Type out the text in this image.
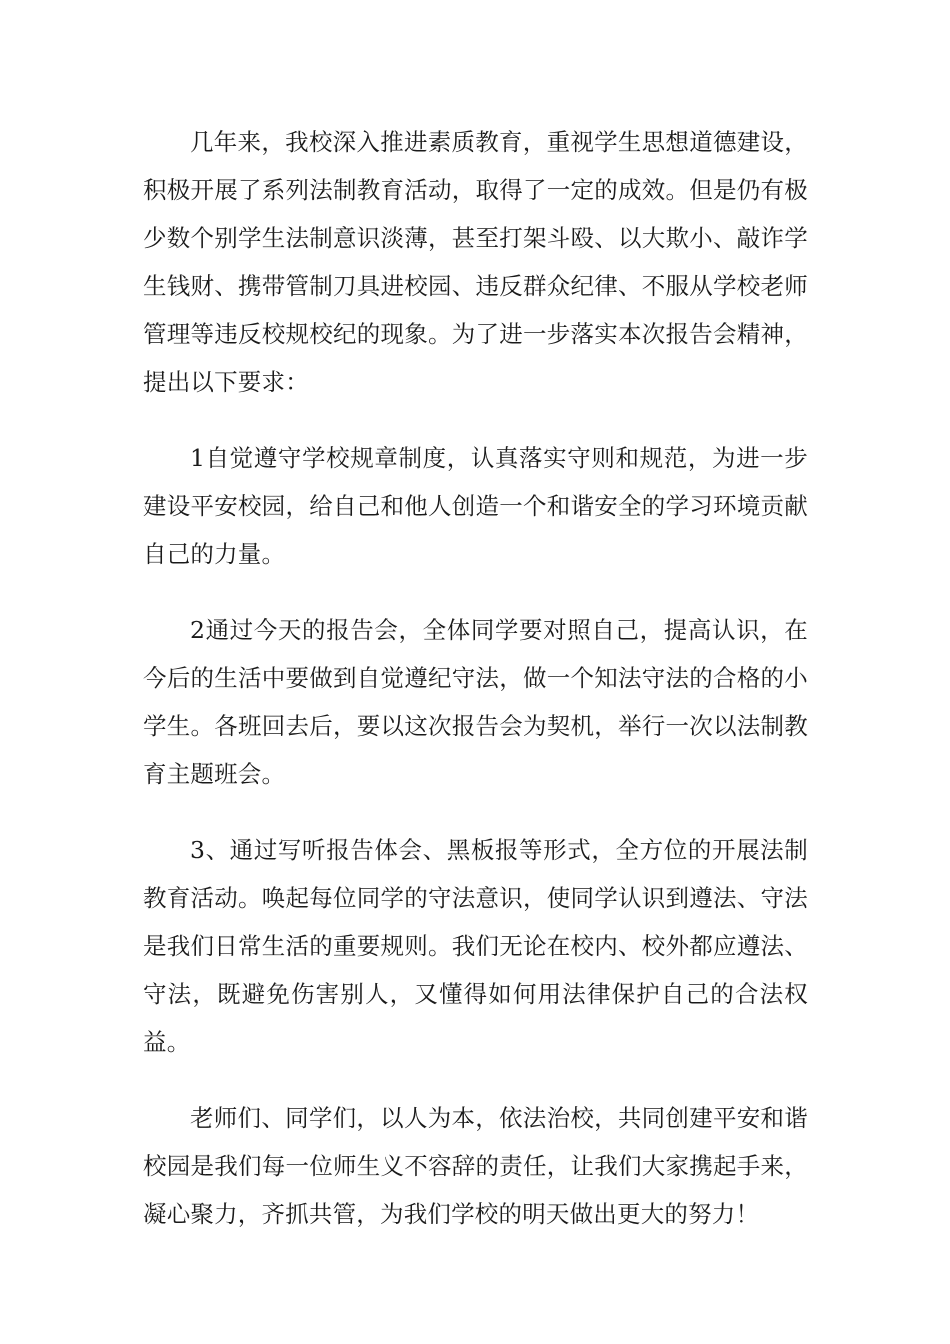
几年来，我校深入推进素质教育，重视学生思想道德建设，积极开展了系列法制教育活动，取得了一定的成效。但是仍有极少数个别学生法制意识淡薄，甚至打架斗殴、以大欺小、敲诈学生钱财、携带管制刀具进校园、违反群众纪律、不服从学校老师管理等违反校规校纪的现象。为了进一步落实本次报告会精神，提出以下要求：

1自觉遵守学校规章制度，认真落实守则和规范，为进一步建设平安校园，给自己和他人创造一个和谐安全的学习环境贡献自己的力量。

2通过今天的报告会，全体同学要对照自己，提高认识，在今后的生活中要做到自觉遵纪守法，做一个知法守法的合格的小学生。各班回去后，要以这次报告会为契机，举行一次以法制教育主题班会。

3、通过写听报告体会、黑板报等形式，全方位的开展法制教育活动。唤起每位同学的守法意识，使同学认识到遵法、守法是我们日常生活的重要规则。我们无论在校内、校外都应遵法、守法，既避免伤害别人，又懂得如何用法律保护自己的合法权益。

老师们、同学们，以人为本，依法治校，共同创建平安和谐校园是我们每一位师生义不容辞的责任，让我们大家携起手来，凝心聚力，齐抓共管，为我们学校的明天做出更大的努力！
